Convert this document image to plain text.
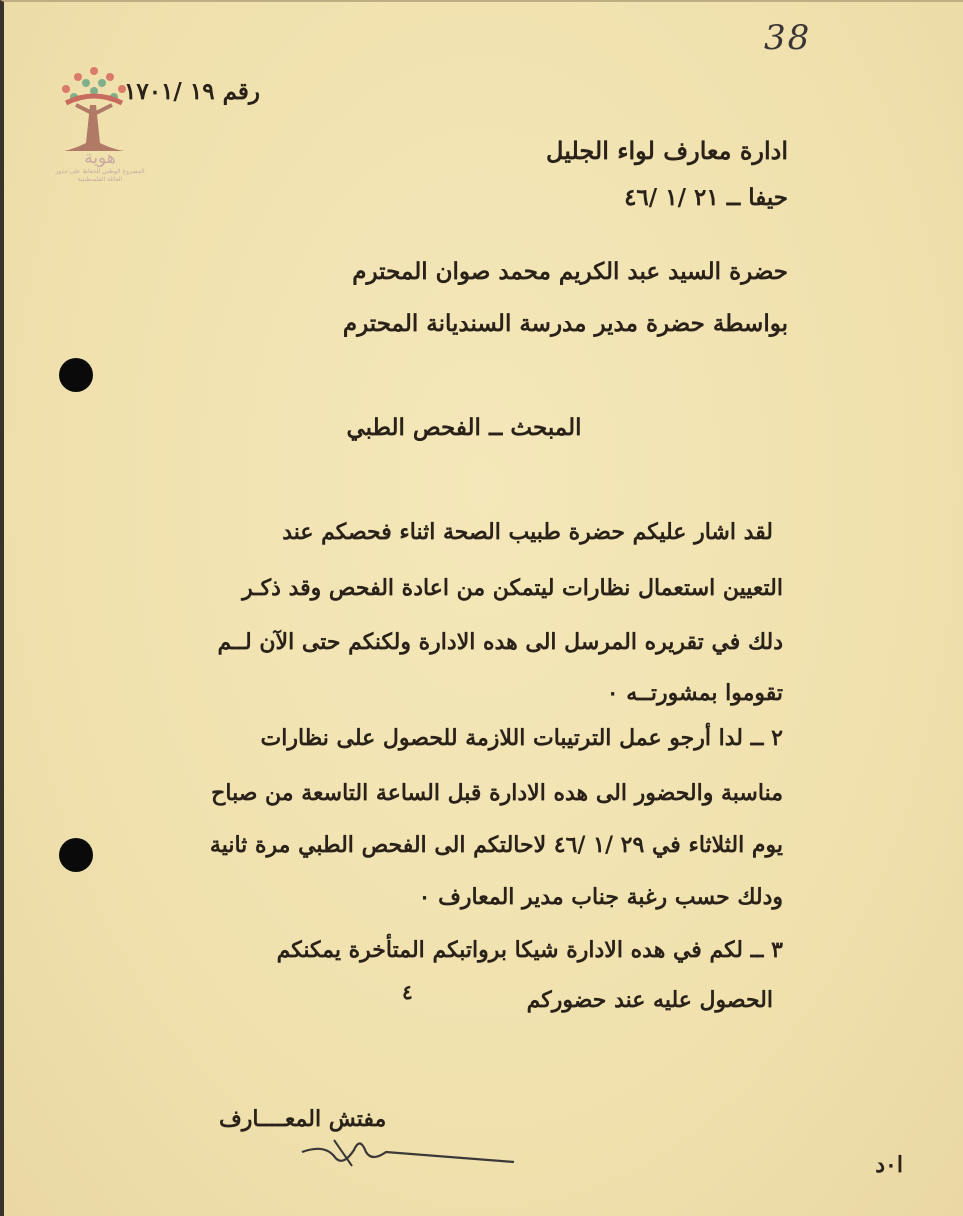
38
هوية
المشروع الوطني للحفاظ على جذور العائلة الفلسطينية
رقم ١٩ /١٧٠١
ادارة معارف لواء الجليل
حيفا ــ ٢١ /١ /٤٦
حضرة السيد عبد الكريم محمد صوان المحترم
بواسطة حضرة مدير مدرسة السنديانة المحترم
المبحث ــ الفحص الطبي
لقد اشار عليكم حضرة طبيب الصحة اثناء فحصكم عند
التعيين استعمال نظارات ليتمكن من اعادة الفحص وقد ذكـر
دلك في تقريره المرسل الى هده الادارة ولكنكم حتى الآن لــم
تقوموا بمشورتــه ٠
٢ ــ لدا أرجو عمل الترتيبات اللازمة للحصول على نظارات
مناسبة والحضور الى هده الادارة قبل الساعة التاسعة من صباح
يوم الثلاثاء في ٢٩ /١ /٤٦ لاحالتكم الى الفحص الطبي مرة ثانية
ودلك حسب رغبة جناب مدير المعارف ٠
٣ ــ لكم في هده الادارة شيكا برواتبكم المتأخرة يمكنكم
الحصول عليه عند حضوركم
٤
مفتش المعــــارف
ا٠د
